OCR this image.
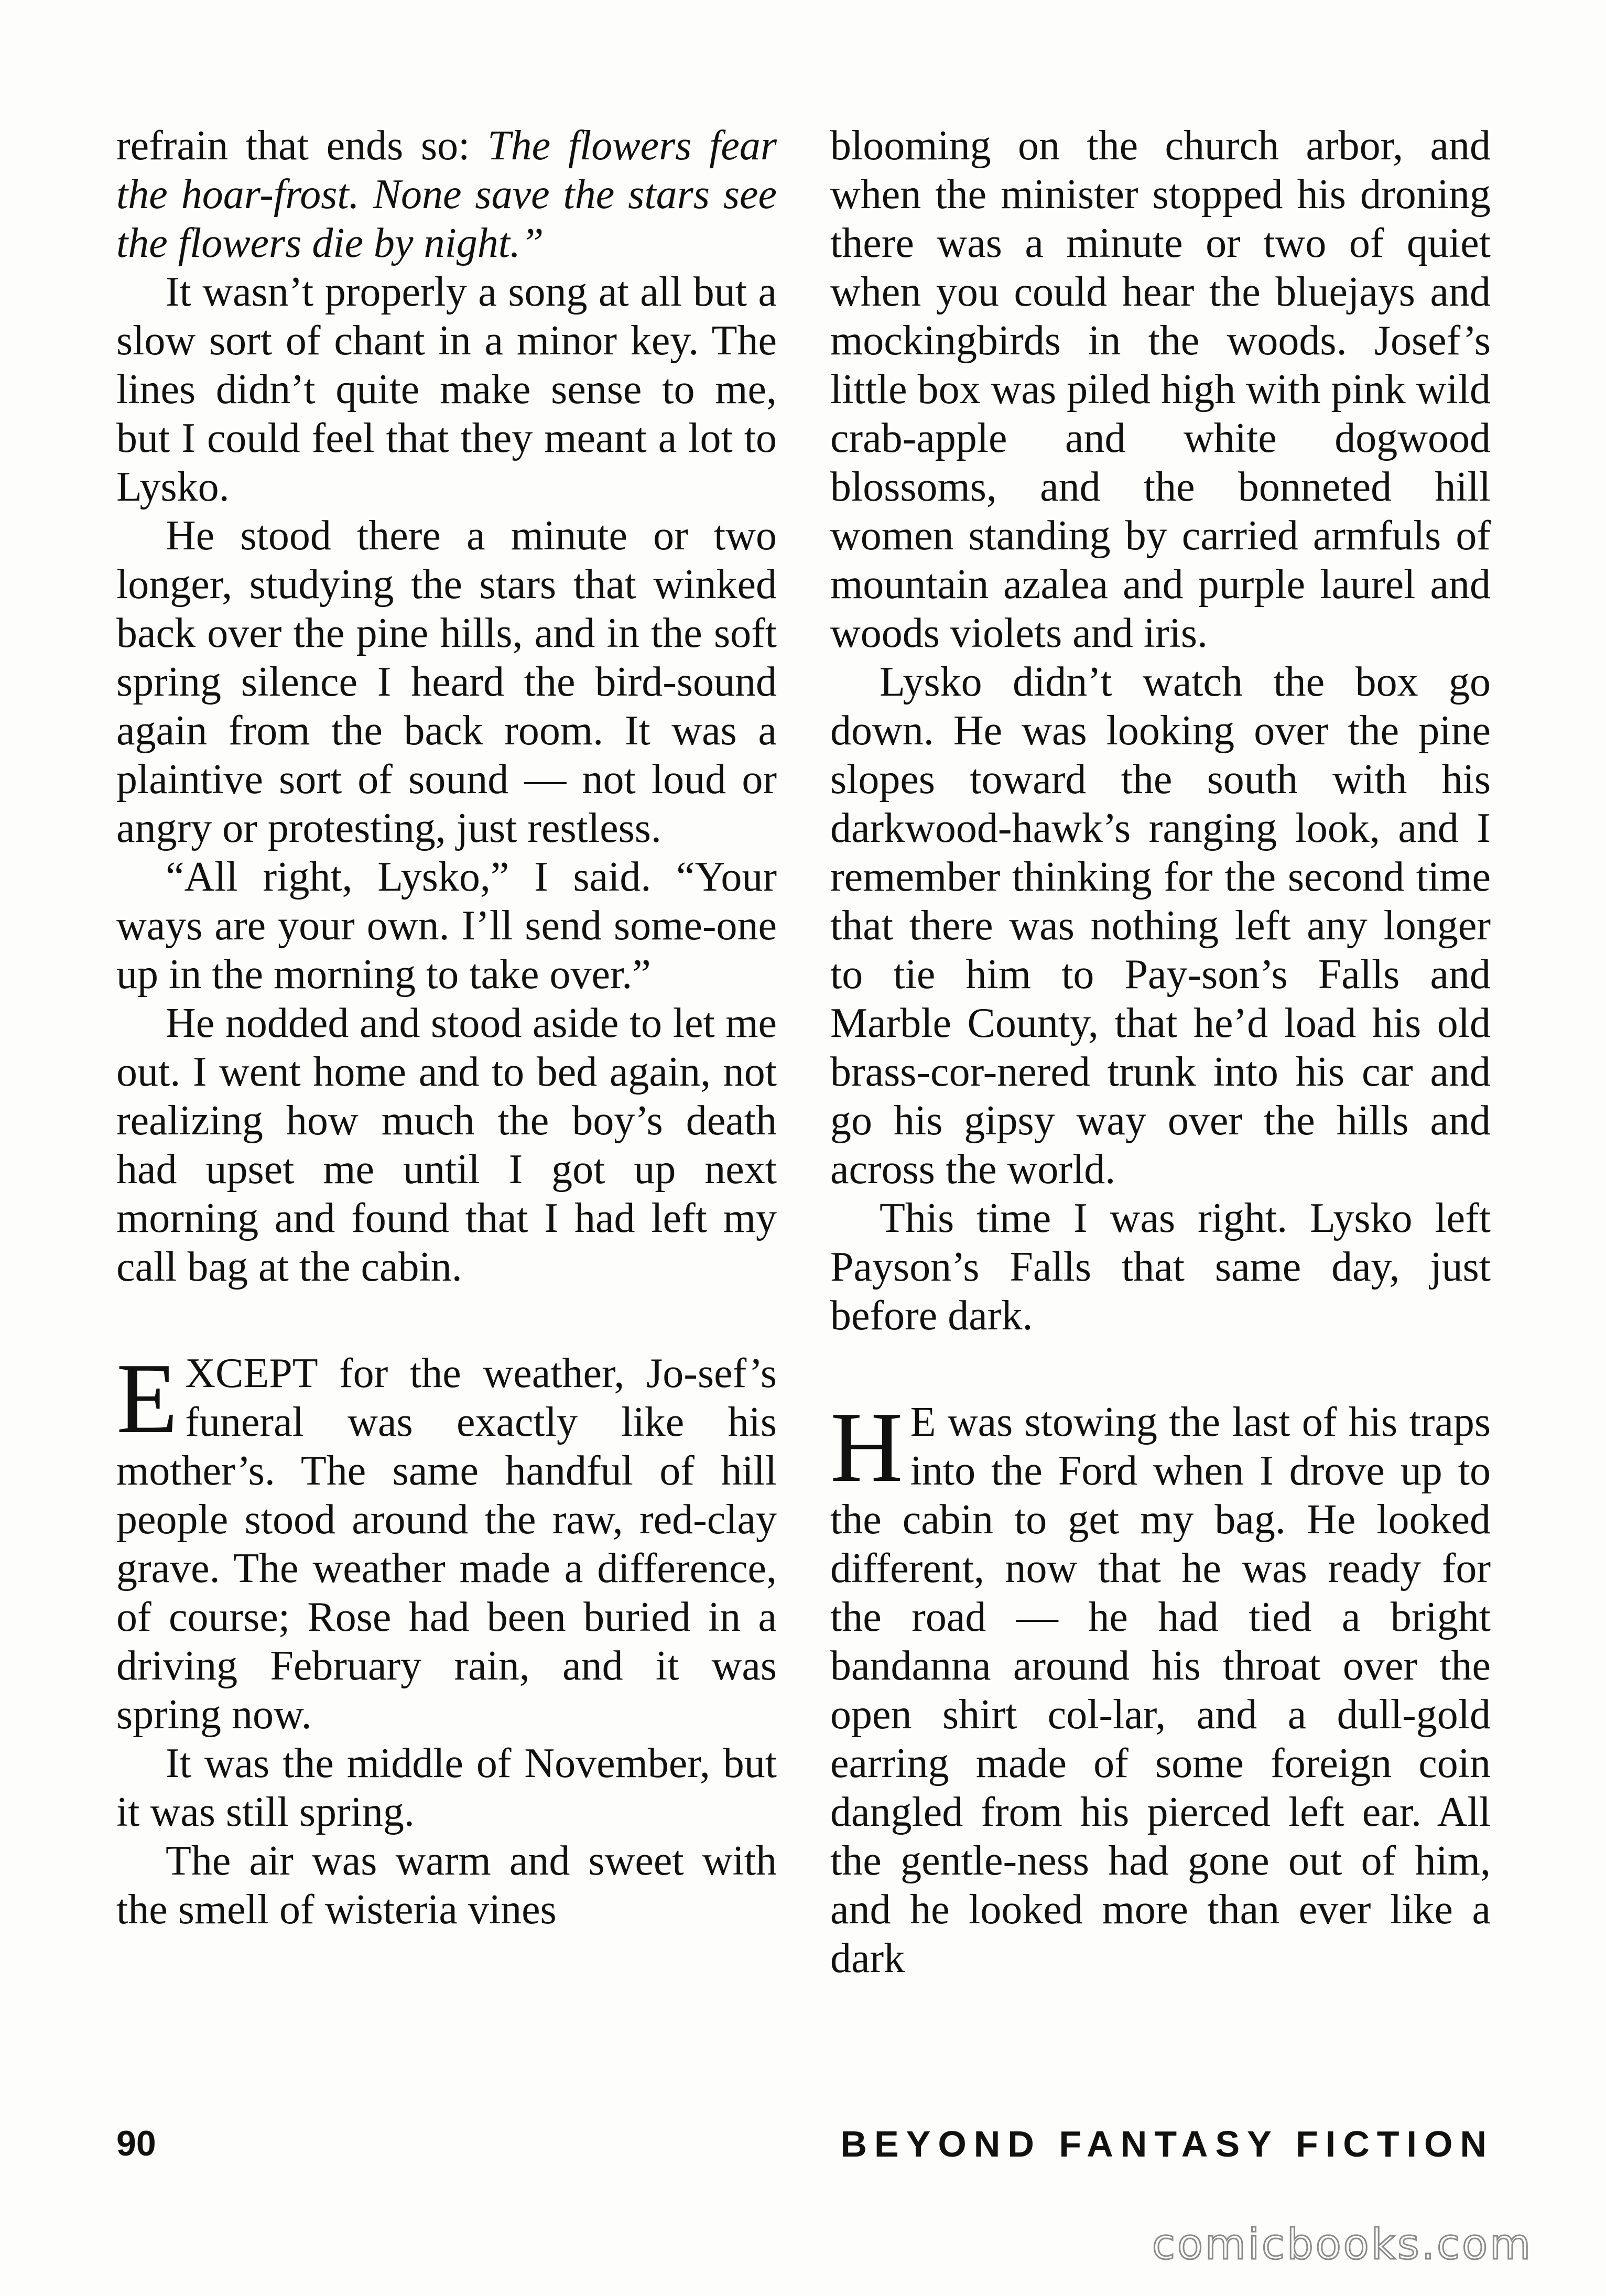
refrain that ends so: The flowers fear the hoar-frost. None save the stars see the flowers die by night.”

It wasn’t properly a song at all but a slow sort of chant in a minor key. The lines didn’t quite make sense to me, but I could feel that they meant a lot to Lysko.

He stood there a minute or two longer, studying the stars that winked back over the pine hills, and in the soft spring silence I heard the bird-sound again from the back room. It was a plaintive sort of sound — not loud or angry or protesting, just restless.

“All right, Lysko,” I said. “Your ways are your own. I’ll send some-one up in the morning to take over.”

He nodded and stood aside to let me out. I went home and to bed again, not realizing how much the boy’s death had upset me until I got up next morning and found that I had left my call bag at the cabin.

EXCEPT for the weather, Jo-sef’s funeral was exactly like his mother’s. The same handful of hill people stood around the raw, red-clay grave. The weather made a difference, of course; Rose had been buried in a driving February rain, and it was spring now.

It was the middle of November, but it was still spring.

The air was warm and sweet with the smell of wisteria vines

blooming on the church arbor, and when the minister stopped his droning there was a minute or two of quiet when you could hear the bluejays and mockingbirds in the woods. Josef’s little box was piled high with pink wild crab-apple and white dogwood blossoms, and the bonneted hill women standing by carried armfuls of mountain azalea and purple laurel and woods violets and iris.

Lysko didn’t watch the box go down. He was looking over the pine slopes toward the south with his darkwood-hawk’s ranging look, and I remember thinking for the second time that there was nothing left any longer to tie him to Pay-son’s Falls and Marble County, that he’d load his old brass-cor-nered trunk into his car and go his gipsy way over the hills and across the world.

This time I was right. Lysko left Payson’s Falls that same day, just before dark.

H E was stowing the last of his traps into the Ford when I drove up to the cabin to get my bag. He looked different, now that he was ready for the road — he had tied a bright bandanna around his throat over the open shirt col-lar, and a dull-gold earring made of some foreign coin dangled from his pierced left ear. All the gentle-ness had gone out of him, and he looked more than ever like a dark

90	BEYOND FANTASY FICTION
comicbooks.com
